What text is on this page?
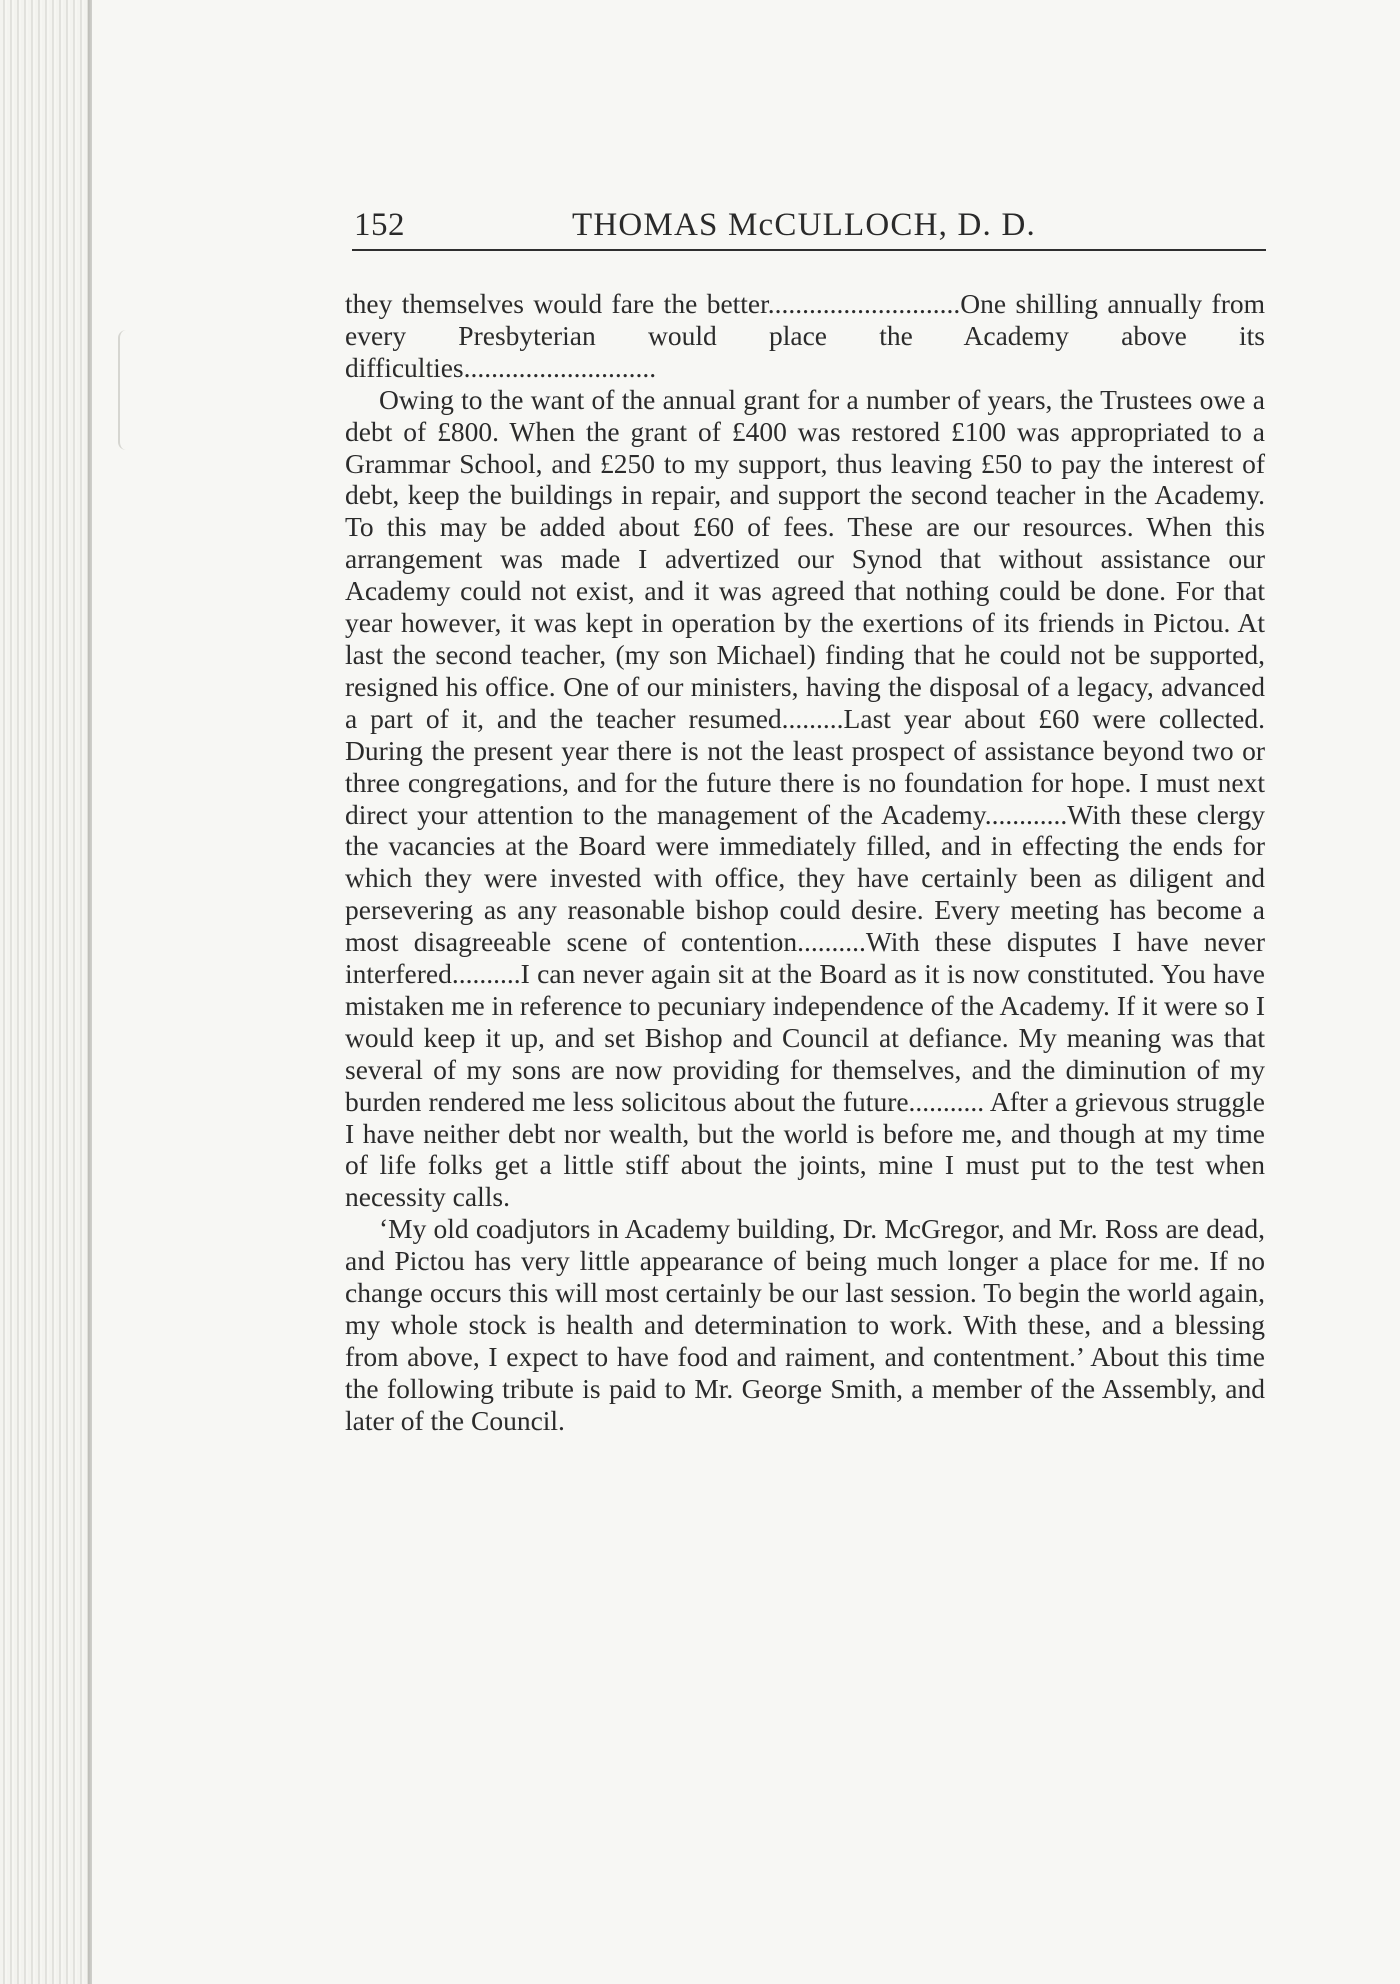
152	THOMAS McCULLOCH, D. D.

they themselves would fare the better............................One shilling annually from every Presbyterian would place the Academy above its difficulties............................

Owing to the want of the annual grant for a number of years, the Trustees owe a debt of £800. When the grant of £400 was restored £100 was appropriated to a Grammar School, and £250 to my support, thus leaving £50 to pay the interest of debt, keep the buildings in repair, and support the second teacher in the Academy. To this may be added about £60 of fees. These are our resources. When this arrangement was made I advertized our Synod that without assistance our Academy could not exist, and it was agreed that nothing could be done. For that year however, it was kept in operation by the exertions of its friends in Pictou. At last the second teacher, (my son Michael) finding that he could not be supported, resigned his office. One of our ministers, having the disposal of a legacy, advanced a part of it, and the teacher resumed.........Last year about £60 were collected. During the present year there is not the least prospect of assistance beyond two or three congregations, and for the future there is no foundation for hope. I must next direct your attention to the management of the Academy............With these clergy the vacancies at the Board were immediately filled, and in effecting the ends for which they were invested with office, they have certainly been as diligent and persevering as any reasonable bishop could desire. Every meeting has become a most disagreeable scene of contention..........With these disputes I have never interfered..........I can never again sit at the Board as it is now constituted. You have mistaken me in reference to pecuniary independence of the Academy. If it were so I would keep it up, and set Bishop and Council at defiance. My meaning was that several of my sons are now providing for themselves, and the diminution of my burden rendered me less solicitous about the future........... After a grievous struggle I have neither debt nor wealth, but the world is before me, and though at my time of life folks get a little stiff about the joints, mine I must put to the test when necessity calls.

‘My old coadjutors in Academy building, Dr. McGregor, and Mr. Ross are dead, and Pictou has very little appearance of being much longer a place for me. If no change occurs this will most certainly be our last session. To begin the world again, my whole stock is health and determination to work. With these, and a blessing from above, I expect to have food and raiment, and contentment.’ About this time the following tribute is paid to Mr. George Smith, a member of the Assembly, and later of the Council.
